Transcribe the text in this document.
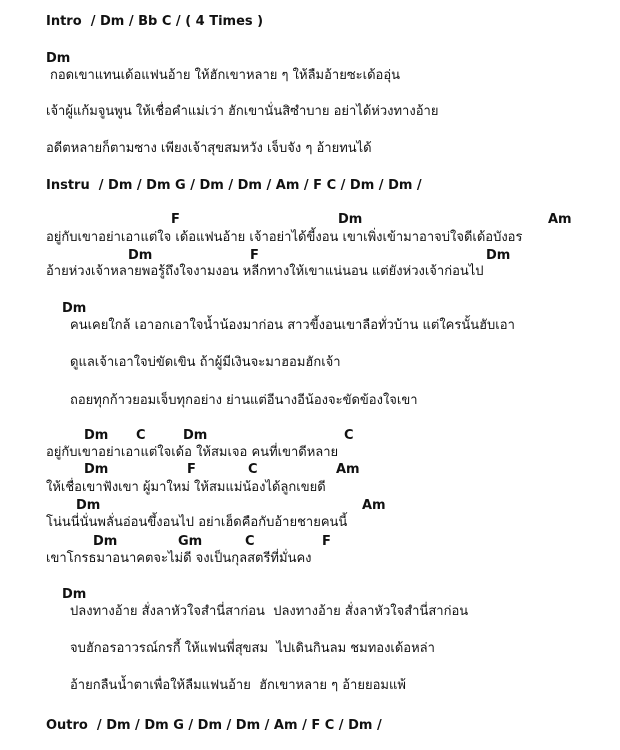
Intro  / Dm / Bb C / ( 4 Times )
Dm
กอดเขาแทนเด้อแฟนอ้าย ให้ฮักเขาหลาย ๆ ให้ลืมอ้ายซะเด้ออุ่น
เจ้าผู้แก้มจูนพูน ให้เชื่อคำแม่เว่า ฮักเขานั่นสิซำบาย อย่าได้ห่วงทางอ้าย
อดีตหลายก็ตามซาง เพียงเจ้าสุขสมหวัง เจ็บจัง ๆ อ้ายทนได้
Instru  / Dm / Dm G / Dm / Dm / Am / F C / Dm / Dm /
F	Dm	Am
อยู่กับเขาอย่าเอาแต่ใจ เด้อแฟนอ้าย เจ้าอย่าได้ขี้งอน เขาเพิ่งเข้ามาอาจบ่ใจดีเด้อบังอร
Dm	F	Dm
อ้ายห่วงเจ้าหลายพอรู้ถึงใจงามงอน หลีกทางให้เขาแน่นอน แต่ยังห่วงเจ้าก่อนไป
Dm
คนเคยใกล้ เอาอกเอาใจน้ำน้องมาก่อน สาวขี้งอนเขาลือทั่วบ้าน แต่ใครนั้นฮับเอา
ดูแลเจ้าเอาใจบ่ขัดเขิน ถ้าผู้มีเงินจะมาฮอมฮักเจ้า
ถอยทุกก้าวยอมเจ็บทุกอย่าง ย่านแต่อีนางอีน้องจะขัดข้องใจเขา
Dm C	Dm	C
อยู่กับเขาอย่าเอาแต่ใจเด้อ ให้สมเจอ คนที่เขาดีหลาย
Dm	F	C	Am
ให้เชื่อเขาฟังเขา ผู้มาใหม่ ให้สมแม่น้องได้ลูกเขยดี
Dm	Am
โน่นนี่นั่นพลั่นอ่อนขึ้งอนไป อย่าเฮ็ดคือกับอ้ายชายคนนี้
Dm	Gm	C	F
เขาโกรธมาอนาคตจะไม่ดี จงเป็นกุลสตรีที่มั่นคง
Dm
ปลงทางอ้าย สั่งลาหัวใจสำนี่สาก่อน  ปลงทางอ้าย สั่งลาหัวใจสำนี่สาก่อน
จบฮักอรอาวรณ์กรกี้ ให้แฟนพี่สุขสม  ไปเดินกินลม ชมทองเด้อหล่า
อ้ายกลืนน้ำตาเพื่อให้ลืมแฟนอ้าย  ฮักเขาหลาย ๆ อ้ายยอมแพ้
Outro  / Dm / Dm G / Dm / Dm / Am / F C / Dm /
